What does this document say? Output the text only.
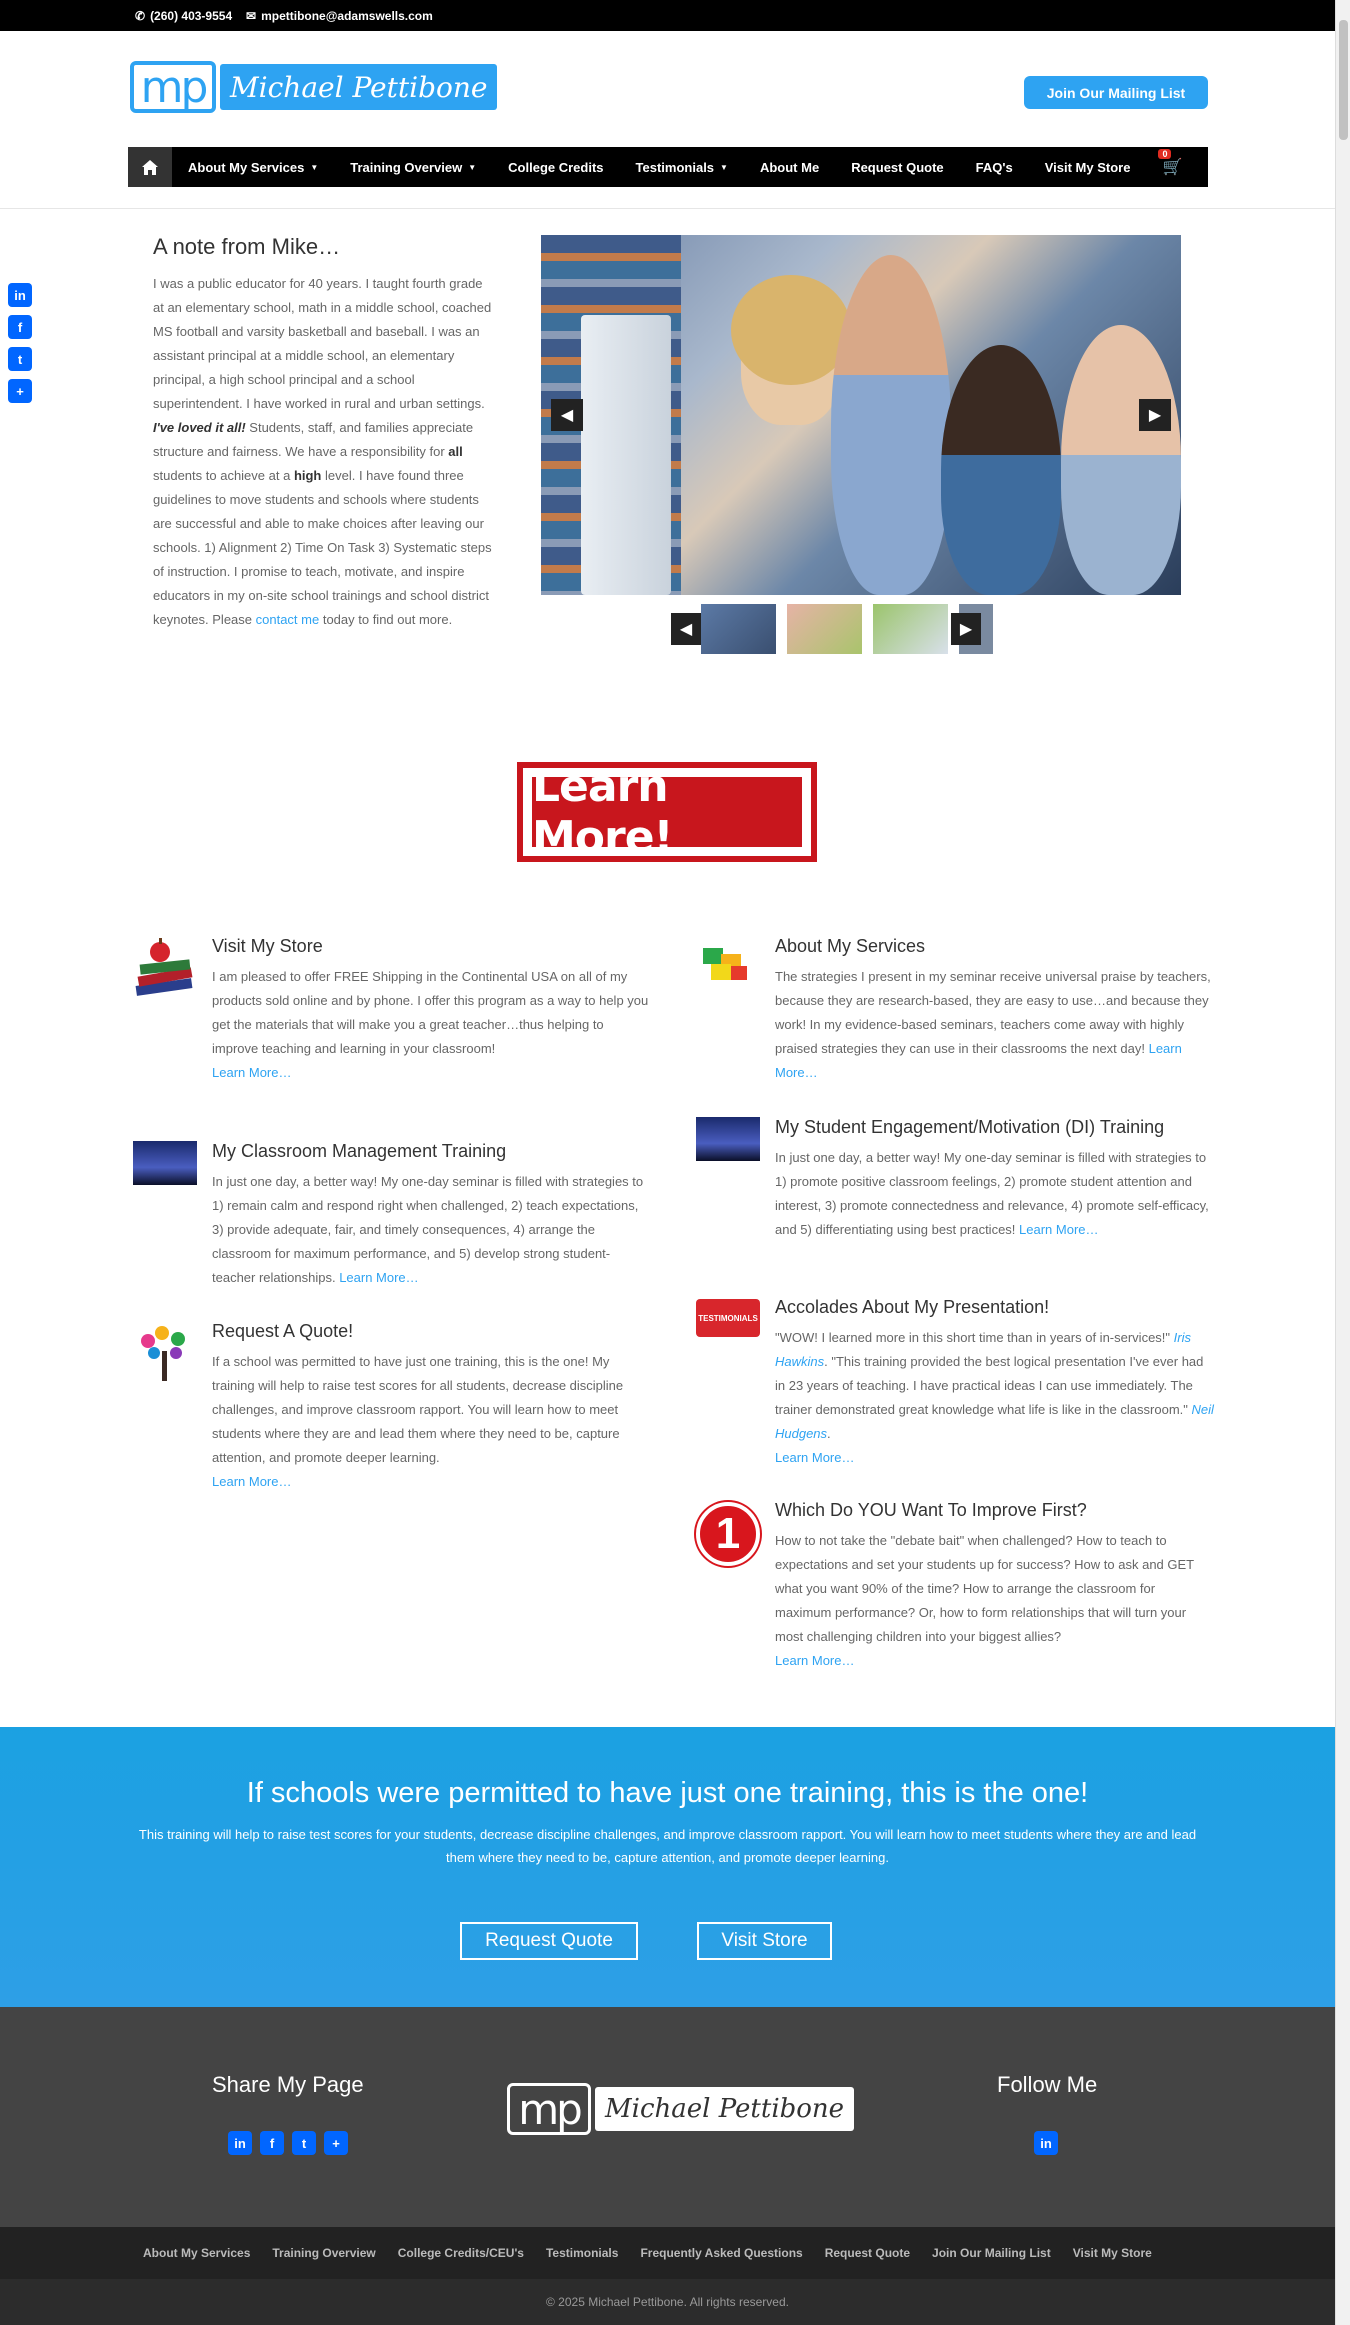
✆ (260) 403-9554 ✉ mpettibone@adamswells.com
mp Michael Pettibone	Join Our Mailing List
About My Services ▼ Training Overview ▼ College Credits Testimonials ▼ About Me Request Quote FAQ's Visit My Store 🛒
0
in
f
t
+
A note from Mike…
I was a public educator for 40 years. I taught fourth grade at an elementary school, math in a middle school, coached MS football and varsity basketball and baseball. I was an assistant principal at a middle school, an elementary principal, a high school principal and a school superintendent. I have worked in rural and urban settings. I've loved it all! Students, staff, and families appreciate structure and fairness. We have a responsibility for all students to achieve at a high level. I have found three guidelines to move students and schools where students are successful and able to make choices after leaving our schools. 1) Alignment 2) Time On Task 3) Systematic steps of instruction. I promise to teach, motivate, and inspire educators in my on-site school trainings and school district keynotes. Please contact me today to find out more.
◀	▶
◀	▶
Learn More!
Visit My Store

I am pleased to offer FREE Shipping in the Continental USA on all of my products sold online and by phone. I offer this program as a way to help you get the materials that will make you a great teacher…thus helping to improve teaching and learning in your classroom!
Learn More…

My Classroom Management Training

In just one day, a better way! My one-day seminar is filled with strategies to 1) remain calm and respond right when challenged, 2) teach expectations, 3) provide adequate, fair, and timely consequences, 4) arrange the classroom for maximum performance, and 5) develop strong student-teacher relationships. Learn More…

Request A Quote!

If a school was permitted to have just one training, this is the one! My training will help to raise test scores for all students, decrease discipline challenges, and improve classroom rapport. You will learn how to meet students where they are and lead them where they need to be, capture attention, and promote deeper learning.
Learn More…

About My Services

The strategies I present in my seminar receive universal praise by teachers, because they are research-based, they are easy to use…and because they work! In my evidence-based seminars, teachers come away with highly praised strategies they can use in their classrooms the next day! Learn More…

My Student Engagement/Motivation (DI) Training

In just one day, a better way! My one-day seminar is filled with strategies to 1) promote positive classroom feelings, 2) promote student attention and interest, 3) promote connectedness and relevance, 4) promote self-efficacy, and 5) differentiating using best practices! Learn More…

TESTIMONIALS
Accolades About My Presentation!

"WOW! I learned more in this short time than in years of in-services!" Iris Hawkins. "This training provided the best logical presentation I've ever had in 23 years of teaching. I have practical ideas I can use immediately. The trainer demonstrated great knowledge what life is like in the classroom." Neil Hudgens.
Learn More…

1 Which Do YOU Want To Improve First?

How to not take the "debate bait" when challenged? How to teach to expectations and set your students up for success? How to ask and GET what you want 90% of the time? How to arrange the classroom for maximum performance? Or, how to form relationships that will turn your most challenging children into your biggest allies?
Learn More…

If schools were permitted to have just one training, this is the one!

This training will help to raise test scores for your students, decrease discipline challenges, and improve classroom rapport. You will learn how to meet students where they are and lead them where they need to be, capture attention, and promote deeper learning.

Request Quote	Visit Store
Share My Page
in	f	t	+
mp Michael Pettibone
Follow Me
in
About My Services Training Overview College Credits/CEU's Testimonials Frequently Asked Questions Request Quote Join Our Mailing List Visit My Store
© 2025 Michael Pettibone. All rights reserved.
